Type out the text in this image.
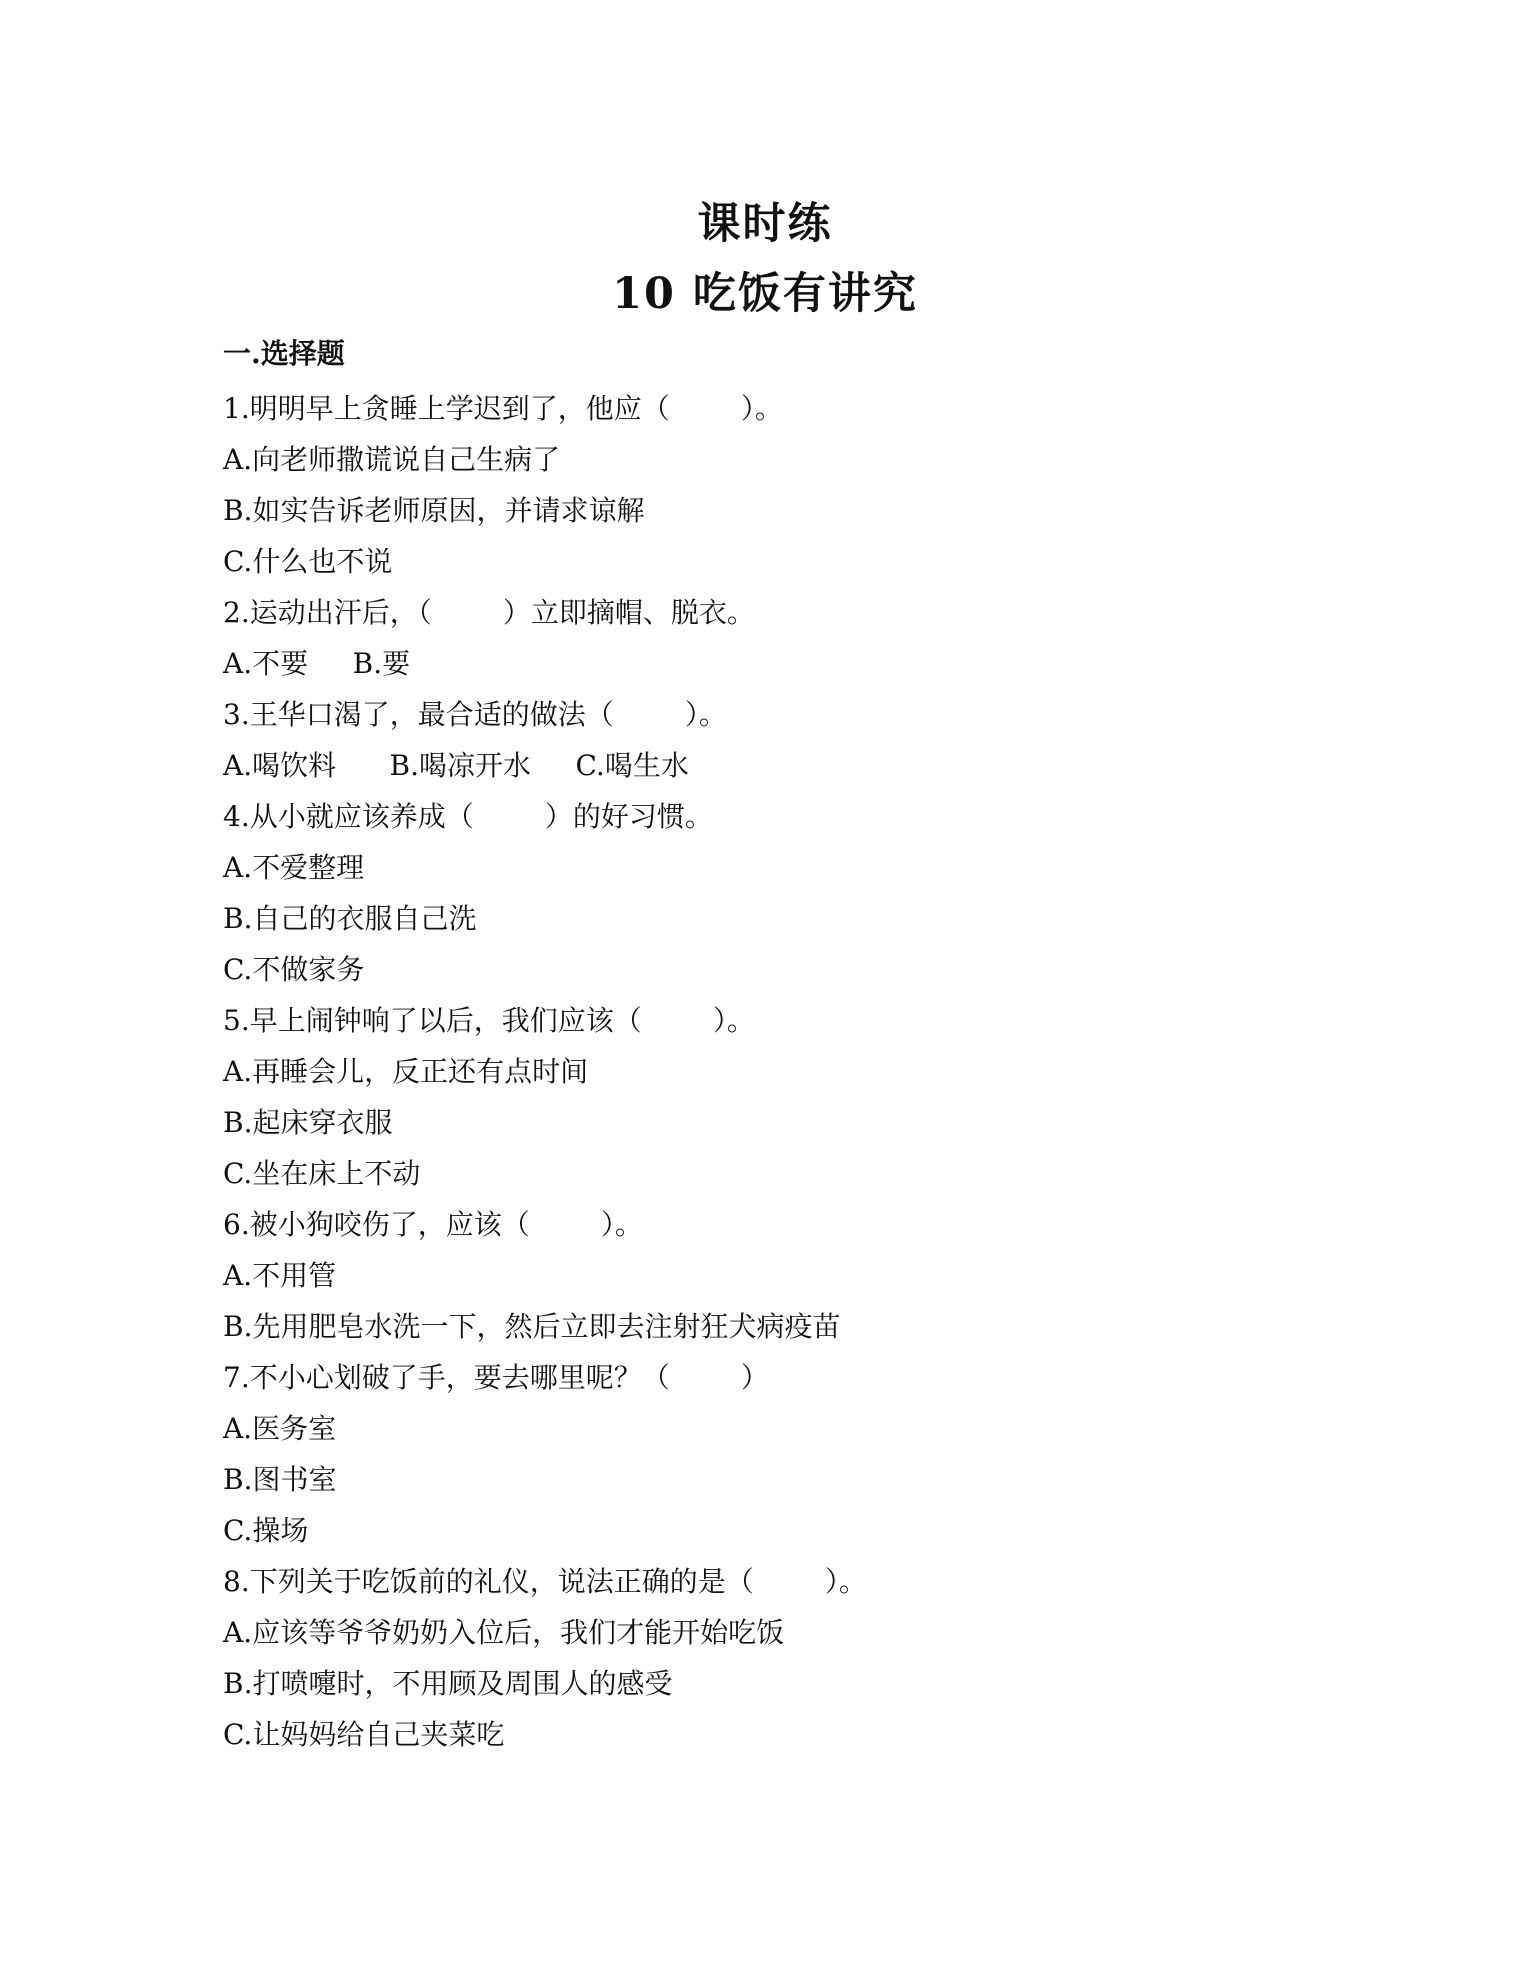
课时练
10 吃饭有讲究
一.选择题
1.明明早上贪睡上学迟到了，他应（        ）。
A.向老师撒谎说自己生病了
B.如实告诉老师原因，并请求谅解
C.什么也不说
2.运动出汗后，（        ）立即摘帽、脱衣。
A.不要     B.要
3.王华口渴了，最合适的做法（        ）。
A.喝饮料      B.喝凉开水     C.喝生水
4.从小就应该养成（        ）的好习惯。
A.不爱整理
B.自己的衣服自己洗
C.不做家务
5.早上闹钟响了以后，我们应该（        ）。
A.再睡会儿，反正还有点时间
B.起床穿衣服
C.坐在床上不动
6.被小狗咬伤了，应该（        ）。
A.不用管
B.先用肥皂水洗一下，然后立即去注射狂犬病疫苗
7.不小心划破了手，要去哪里呢？（        ）
A.医务室
B.图书室
C.操场
8.下列关于吃饭前的礼仪，说法正确的是（        ）。
A.应该等爷爷奶奶入位后，我们才能开始吃饭
B.打喷嚏时，不用顾及周围人的感受
C.让妈妈给自己夹菜吃
